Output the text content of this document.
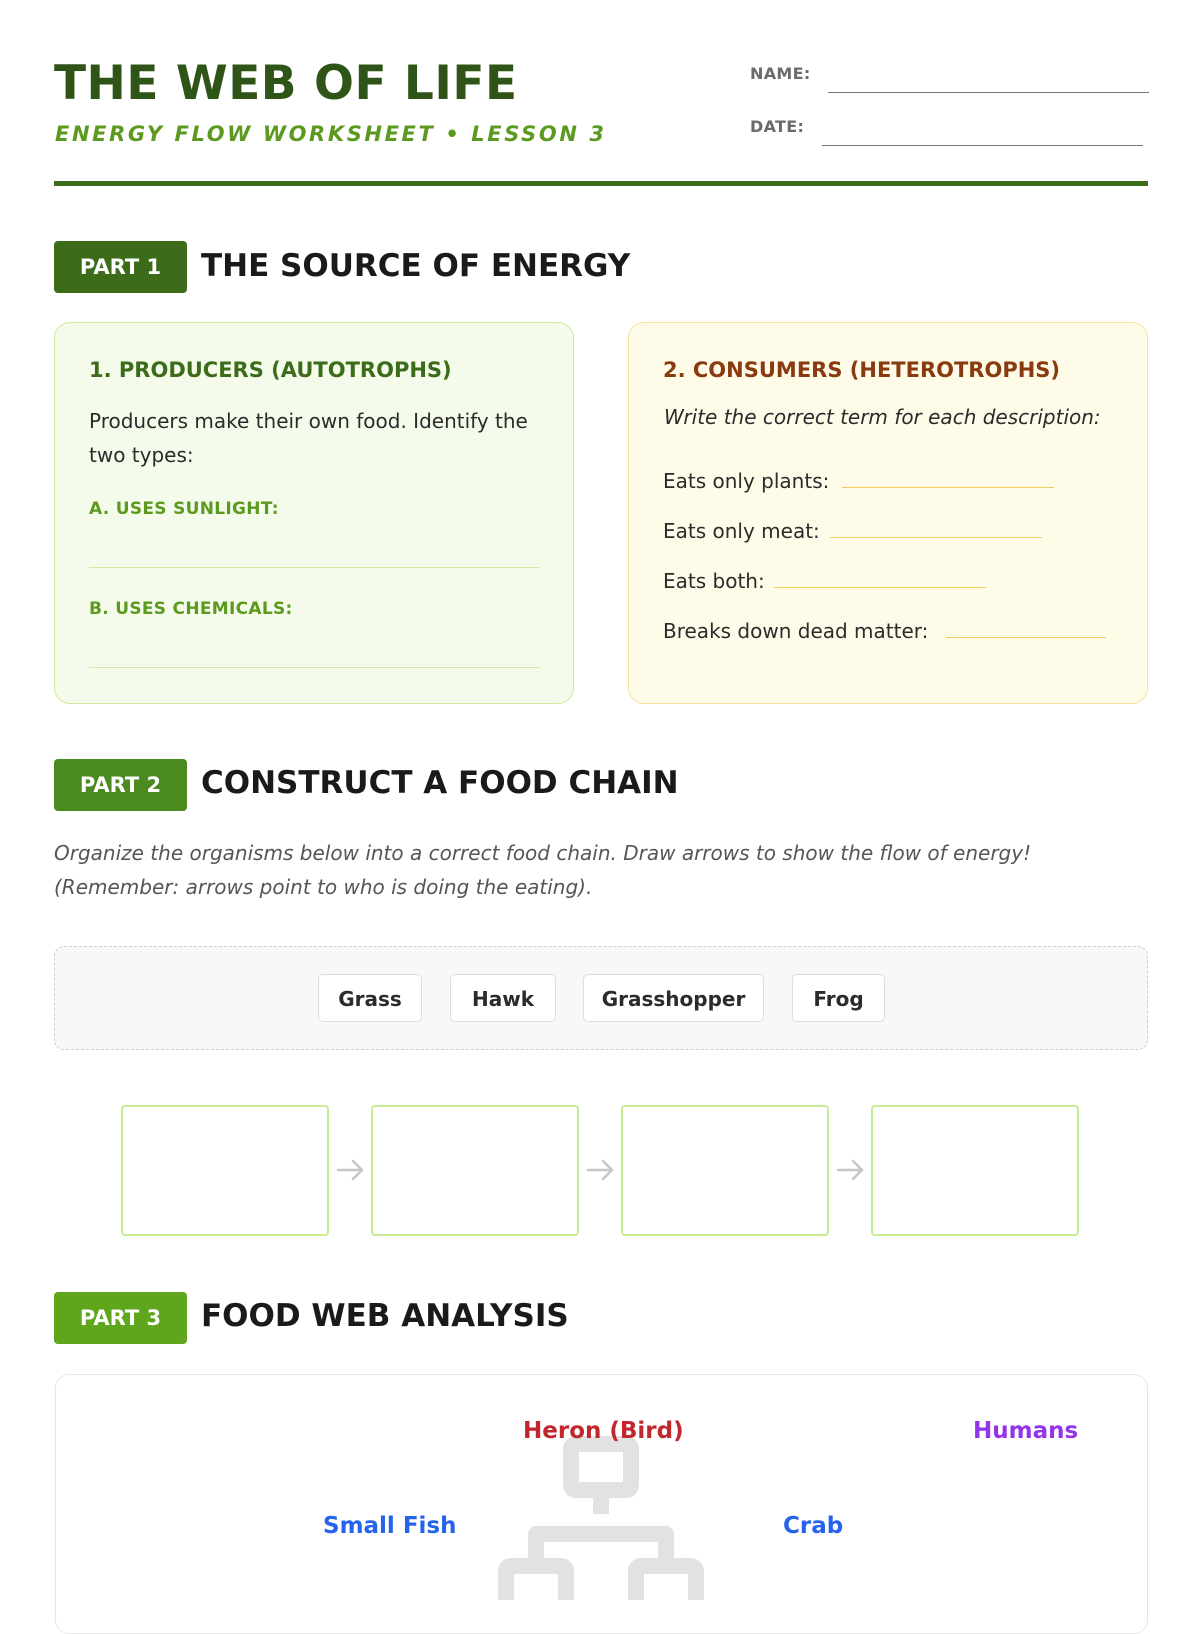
THE WEB OF LIFE
ENERGY FLOW WORKSHEET • LESSON 3
NAME:
DATE:
PART 1	THE SOURCE OF ENERGY
1. PRODUCERS (AUTOTROPHS)
Producers make their own food. Identify the two types:
A. USES SUNLIGHT:
B. USES CHEMICALS:
2. CONSUMERS (HETEROTROPHS)
Write the correct term for each description:
Eats only plants:
Eats only meat:
Eats both:
Breaks down dead matter:
PART 2	CONSTRUCT A FOOD CHAIN
Organize the organisms below into a correct food chain. Draw arrows to show the flow of energy! (Remember: arrows point to who is doing the eating).
Grass	Hawk	Grasshopper	Frog
PART 3	FOOD WEB ANALYSIS
Heron (Bird)	Humans
Small Fish	Crab
